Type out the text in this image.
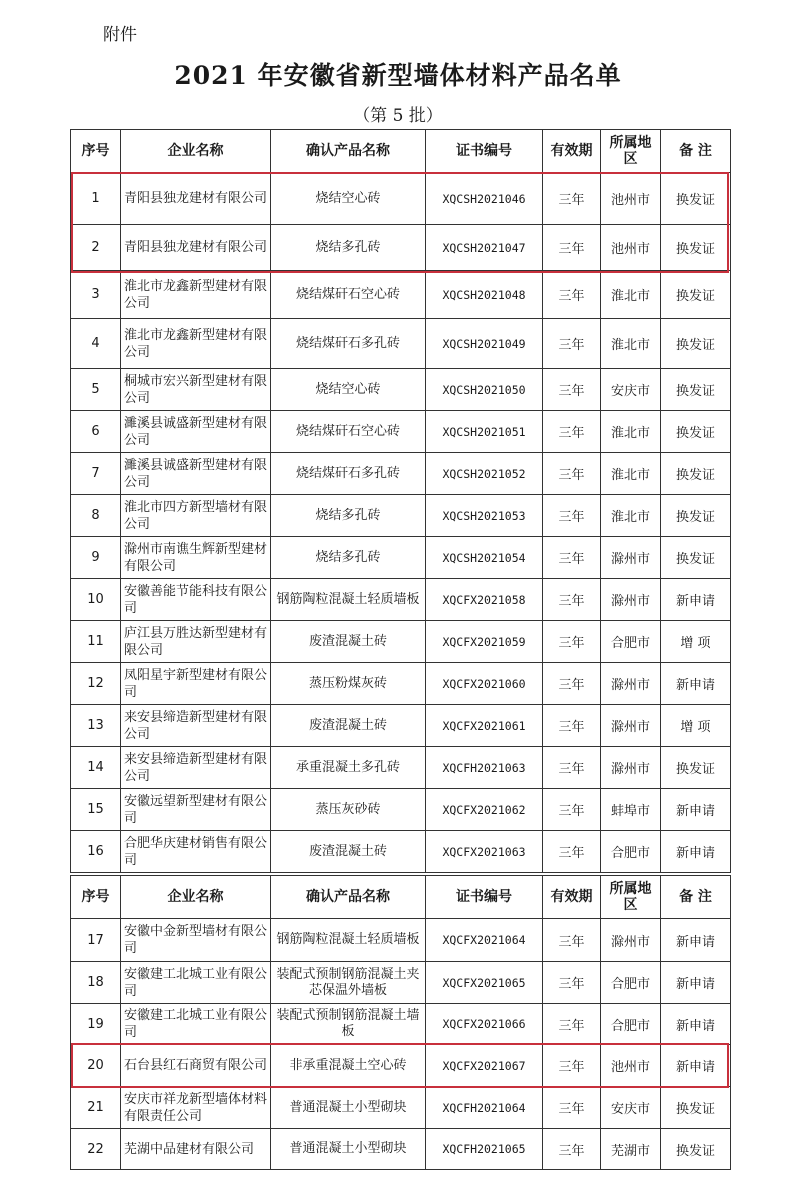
附件
2021 年安徽省新型墙体材料产品名单
（第 5 批）
序号	企业名称	确认产品名称	证书编号	有效期	所属地区	备 注
1	青阳县独龙建材有限公司	烧结空心砖	XQCSH2021046	三年	池州市	换发证
2	青阳县独龙建材有限公司	烧结多孔砖	XQCSH2021047	三年	池州市	换发证
3	淮北市龙鑫新型建材有限公司	烧结煤矸石空心砖	XQCSH2021048	三年	淮北市	换发证
4	淮北市龙鑫新型建材有限公司	烧结煤矸石多孔砖	XQCSH2021049	三年	淮北市	换发证
5	桐城市宏兴新型建材有限公司	烧结空心砖	XQCSH2021050	三年	安庆市	换发证
6	濉溪县诚盛新型建材有限公司	烧结煤矸石空心砖	XQCSH2021051	三年	淮北市	换发证
7	濉溪县诚盛新型建材有限公司	烧结煤矸石多孔砖	XQCSH2021052	三年	淮北市	换发证
8	淮北市四方新型墙材有限公司	烧结多孔砖	XQCSH2021053	三年	淮北市	换发证
9	滁州市南谯生辉新型建材有限公司	烧结多孔砖	XQCSH2021054	三年	滁州市	换发证
10	安徽善能节能科技有限公司	钢筋陶粒混凝土轻质墙板	XQCFX2021058	三年	滁州市	新申请
11	庐江县万胜达新型建材有限公司	废渣混凝土砖	XQCFX2021059	三年	合肥市	增 项
12	凤阳星宇新型建材有限公司	蒸压粉煤灰砖	XQCFX2021060	三年	滁州市	新申请
13	来安县缔造新型建材有限公司	废渣混凝土砖	XQCFX2021061	三年	滁州市	增 项
14	来安县缔造新型建材有限公司	承重混凝土多孔砖	XQCFH2021063	三年	滁州市	换发证
15	安徽远望新型建材有限公司	蒸压灰砂砖	XQCFX2021062	三年	蚌埠市	新申请
16	合肥华庆建材销售有限公司	废渣混凝土砖	XQCFX2021063	三年	合肥市	新申请
序号	企业名称	确认产品名称	证书编号	有效期	所属地区	备 注
17	安徽中金新型墙材有限公司	钢筋陶粒混凝土轻质墙板	XQCFX2021064	三年	滁州市	新申请
18	安徽建工北城工业有限公司	装配式预制钢筋混凝土夹芯保温外墙板	XQCFX2021065	三年	合肥市	新申请
19	安徽建工北城工业有限公司	装配式预制钢筋混凝土墙板	XQCFX2021066	三年	合肥市	新申请
20	石台县红石商贸有限公司	非承重混凝土空心砖	XQCFX2021067	三年	池州市	新申请
21	安庆市祥龙新型墙体材料有限责任公司	普通混凝土小型砌块	XQCFH2021064	三年	安庆市	换发证
22	芜湖中品建材有限公司	普通混凝土小型砌块	XQCFH2021065	三年	芜湖市	换发证
